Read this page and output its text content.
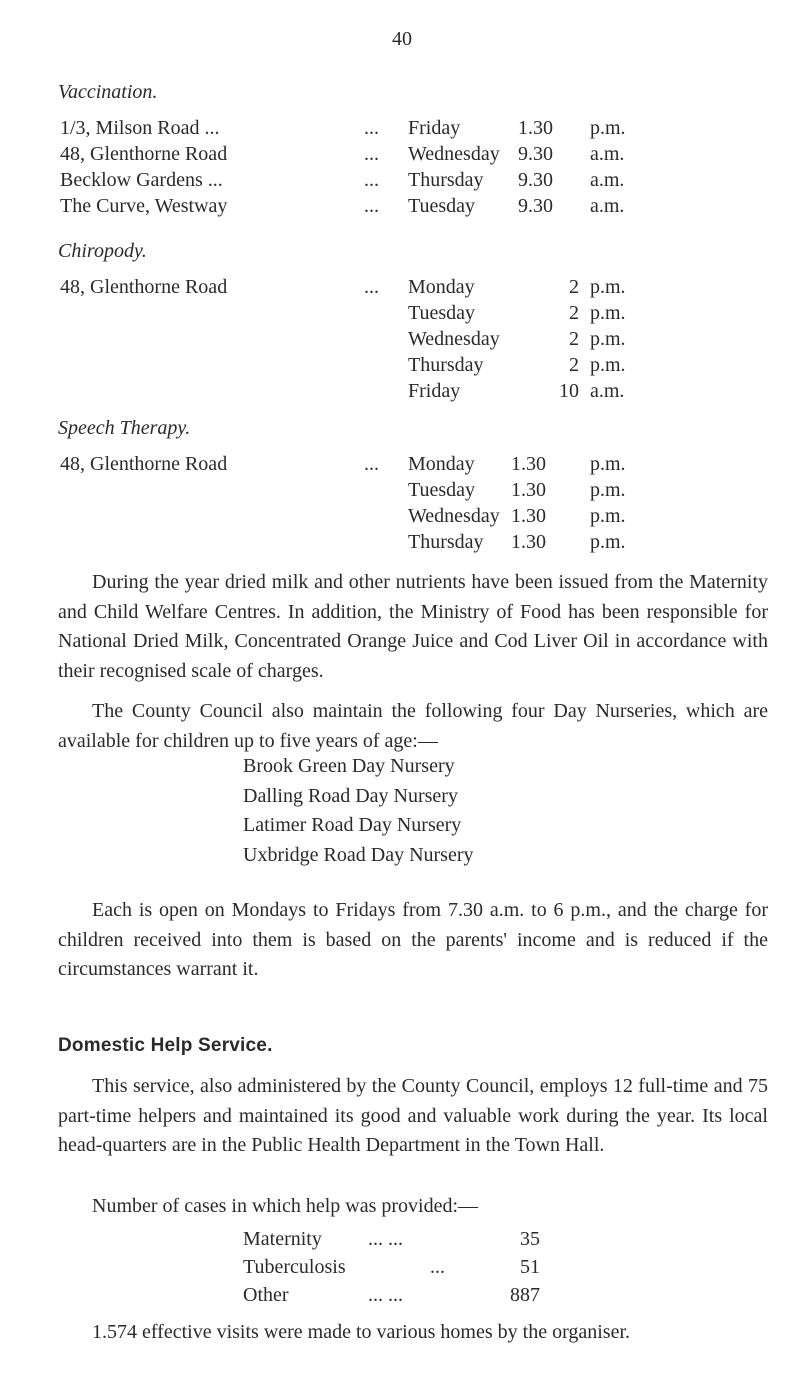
40
Vaccination.
1/3, Milson Road ...	... Friday	1.30 p.m.
48, Glenthorne Road	... Wednesday 9.30 a.m.
Becklow Gardens ...	... Thursday	9.30 a.m.
The Curve, Westway	... Tuesday	9.30 a.m.
Chiropody.
48, Glenthorne Road	... Monday	2 p.m.
Tuesday	2 p.m.
Wednesday	2 p.m.
Thursday	2 p.m.
Friday	10 a.m.
Speech Therapy.
48, Glenthorne Road	... Monday	1.30 p.m.
Tuesday	1.30 p.m.
Wednesday 1.30 p.m.
Thursday	1.30 p.m.

During the year dried milk and other nutrients have been issued from the Maternity and Child Welfare Centres. In addition, the Ministry of Food has been responsible for National Dried Milk, Concentrated Orange Juice and Cod Liver Oil in accordance with their recognised scale of charges.

The County Council also maintain the following four Day Nurseries, which are available for children up to five years of age:—

Brook Green Day Nursery
Dalling Road Day Nursery
Latimer Road Day Nursery
Uxbridge Road Day Nursery

Each is open on Mondays to Fridays from 7.30 a.m. to 6 p.m., and the charge for children received into them is based on the parents' income and is reduced if the circumstances warrant it.

Domestic Help Service.

This service, also administered by the County Council, employs 12 full-time and 75 part-time helpers and maintained its good and valuable work during the year. Its local head-quarters are in the Public Health Department in the Town Hall.

Number of cases in which help was provided:—

Maternity ... ...	35
Tuberculosis	...	51
Other	... ...	887

1.574 effective visits were made to various homes by the organiser.
